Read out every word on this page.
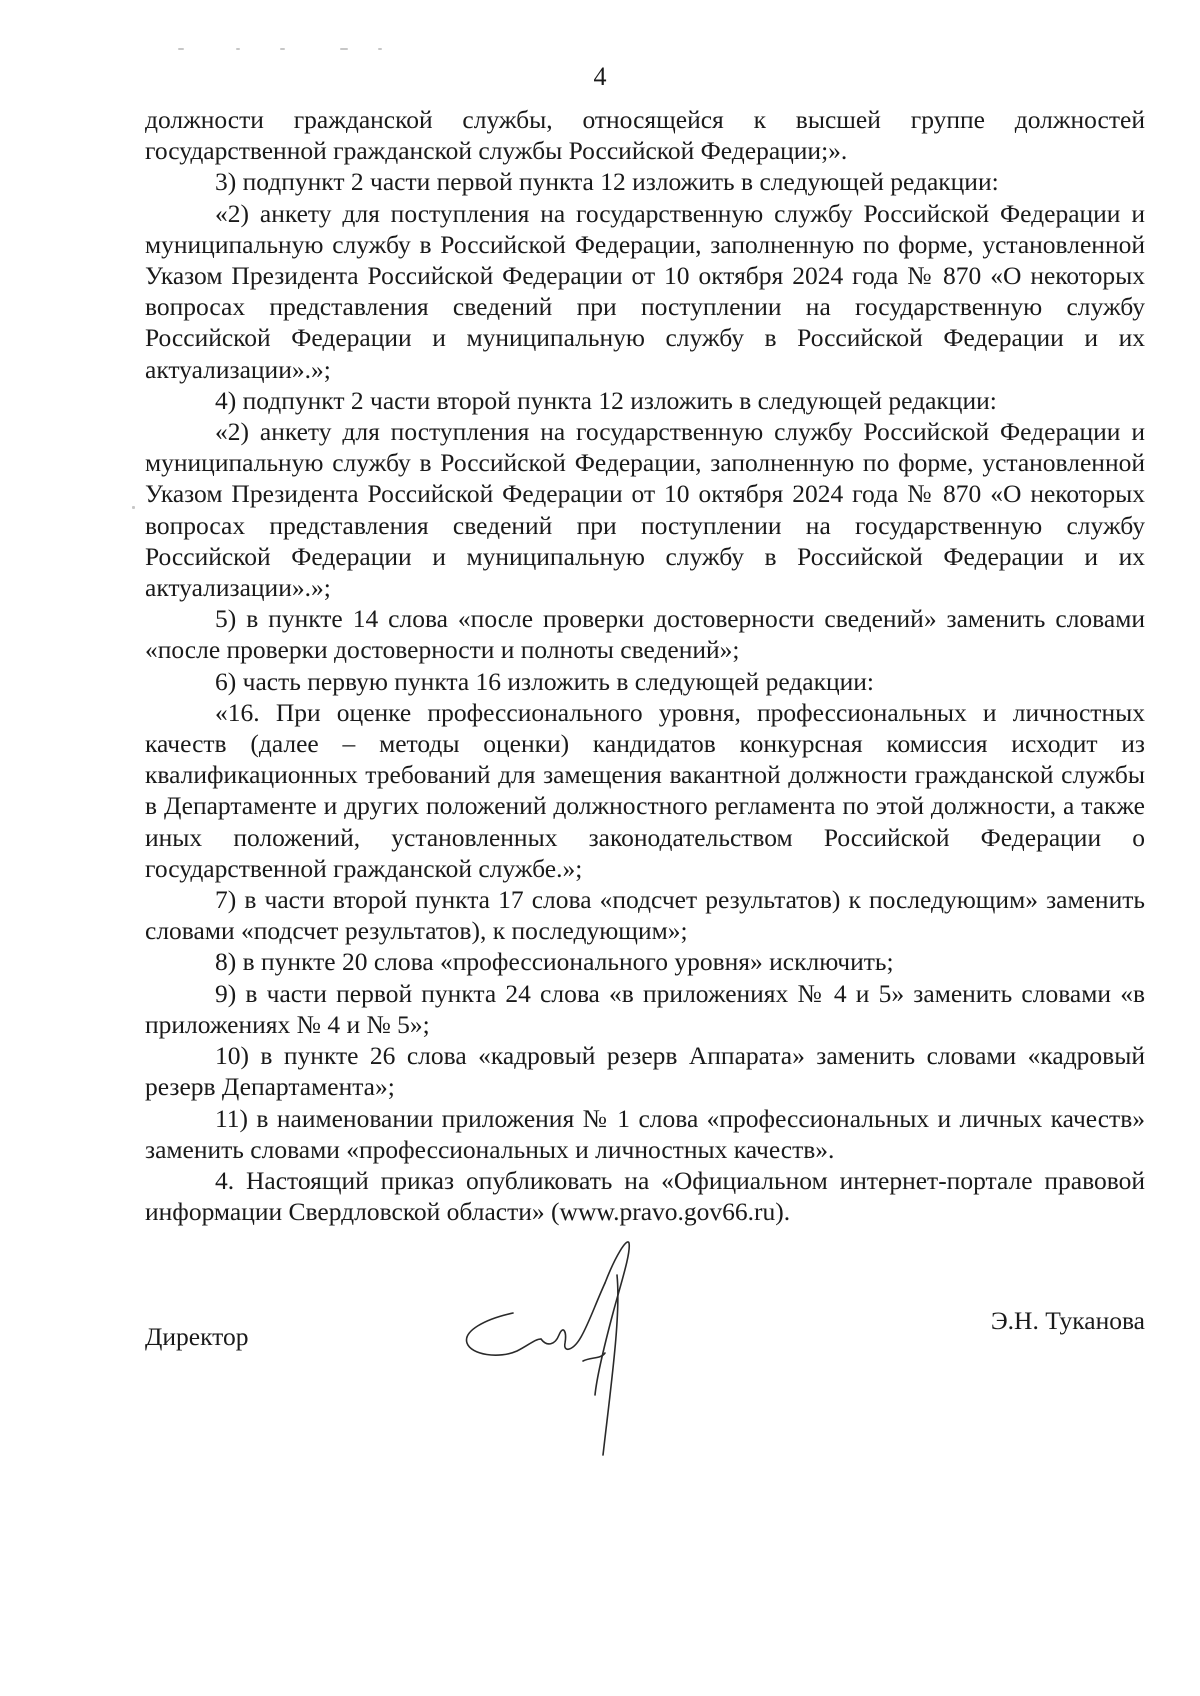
4

должности гражданской службы, относящейся к высшей группе должностей государственной гражданской службы Российской Федерации;».

3) подпункт 2 части первой пункта 12 изложить в следующей редакции:

«2) анкету для поступления на государственную службу Российской Федерации и муниципальную службу в Российской Федерации, заполненную по форме, установленной Указом Президента Российской Федерации от 10 октября 2024 года № 870 «О некоторых вопросах представления сведений при поступлении на государственную службу Российской Федерации и муниципальную службу в Российской Федерации и их актуализации».»;

4) подпункт 2 части второй пункта 12 изложить в следующей редакции:

«2) анкету для поступления на государственную службу Российской Федерации и муниципальную службу в Российской Федерации, заполненную по форме, установленной Указом Президента Российской Федерации от 10 октября 2024 года № 870 «О некоторых вопросах представления сведений при поступлении на государственную службу Российской Федерации и муниципальную службу в Российской Федерации и их актуализации».»;

5) в пункте 14 слова «после проверки достоверности сведений» заменить словами «после проверки достоверности и полноты сведений»;

6) часть первую пункта 16 изложить в следующей редакции:

«16. При оценке профессионального уровня, профессиональных и личностных качеств (далее – методы оценки) кандидатов конкурсная комиссия исходит из квалификационных требований для замещения вакантной должности гражданской службы в Департаменте и других положений должностного регламента по этой должности, а также иных положений, установленных законодательством Российской Федерации о государственной гражданской службе.»;

7) в части второй пункта 17 слова «подсчет результатов) к последующим» заменить словами «подсчет результатов), к последующим»;

8) в пункте 20 слова «профессионального уровня» исключить;

9) в части первой пункта 24 слова «в приложениях № 4 и 5» заменить словами «в приложениях № 4 и № 5»;

10) в пункте 26 слова «кадровый резерв Аппарата» заменить словами «кадровый резерв Департамента»;

11) в наименовании приложения № 1 слова «профессиональных и личных качеств» заменить словами «профессиональных и личностных качеств».

4. Настоящий приказ опубликовать на «Официальном интернет-портале правовой информации Свердловской области» (www.pravo.gov66.ru).

Директор
Э.Н. Туканова
